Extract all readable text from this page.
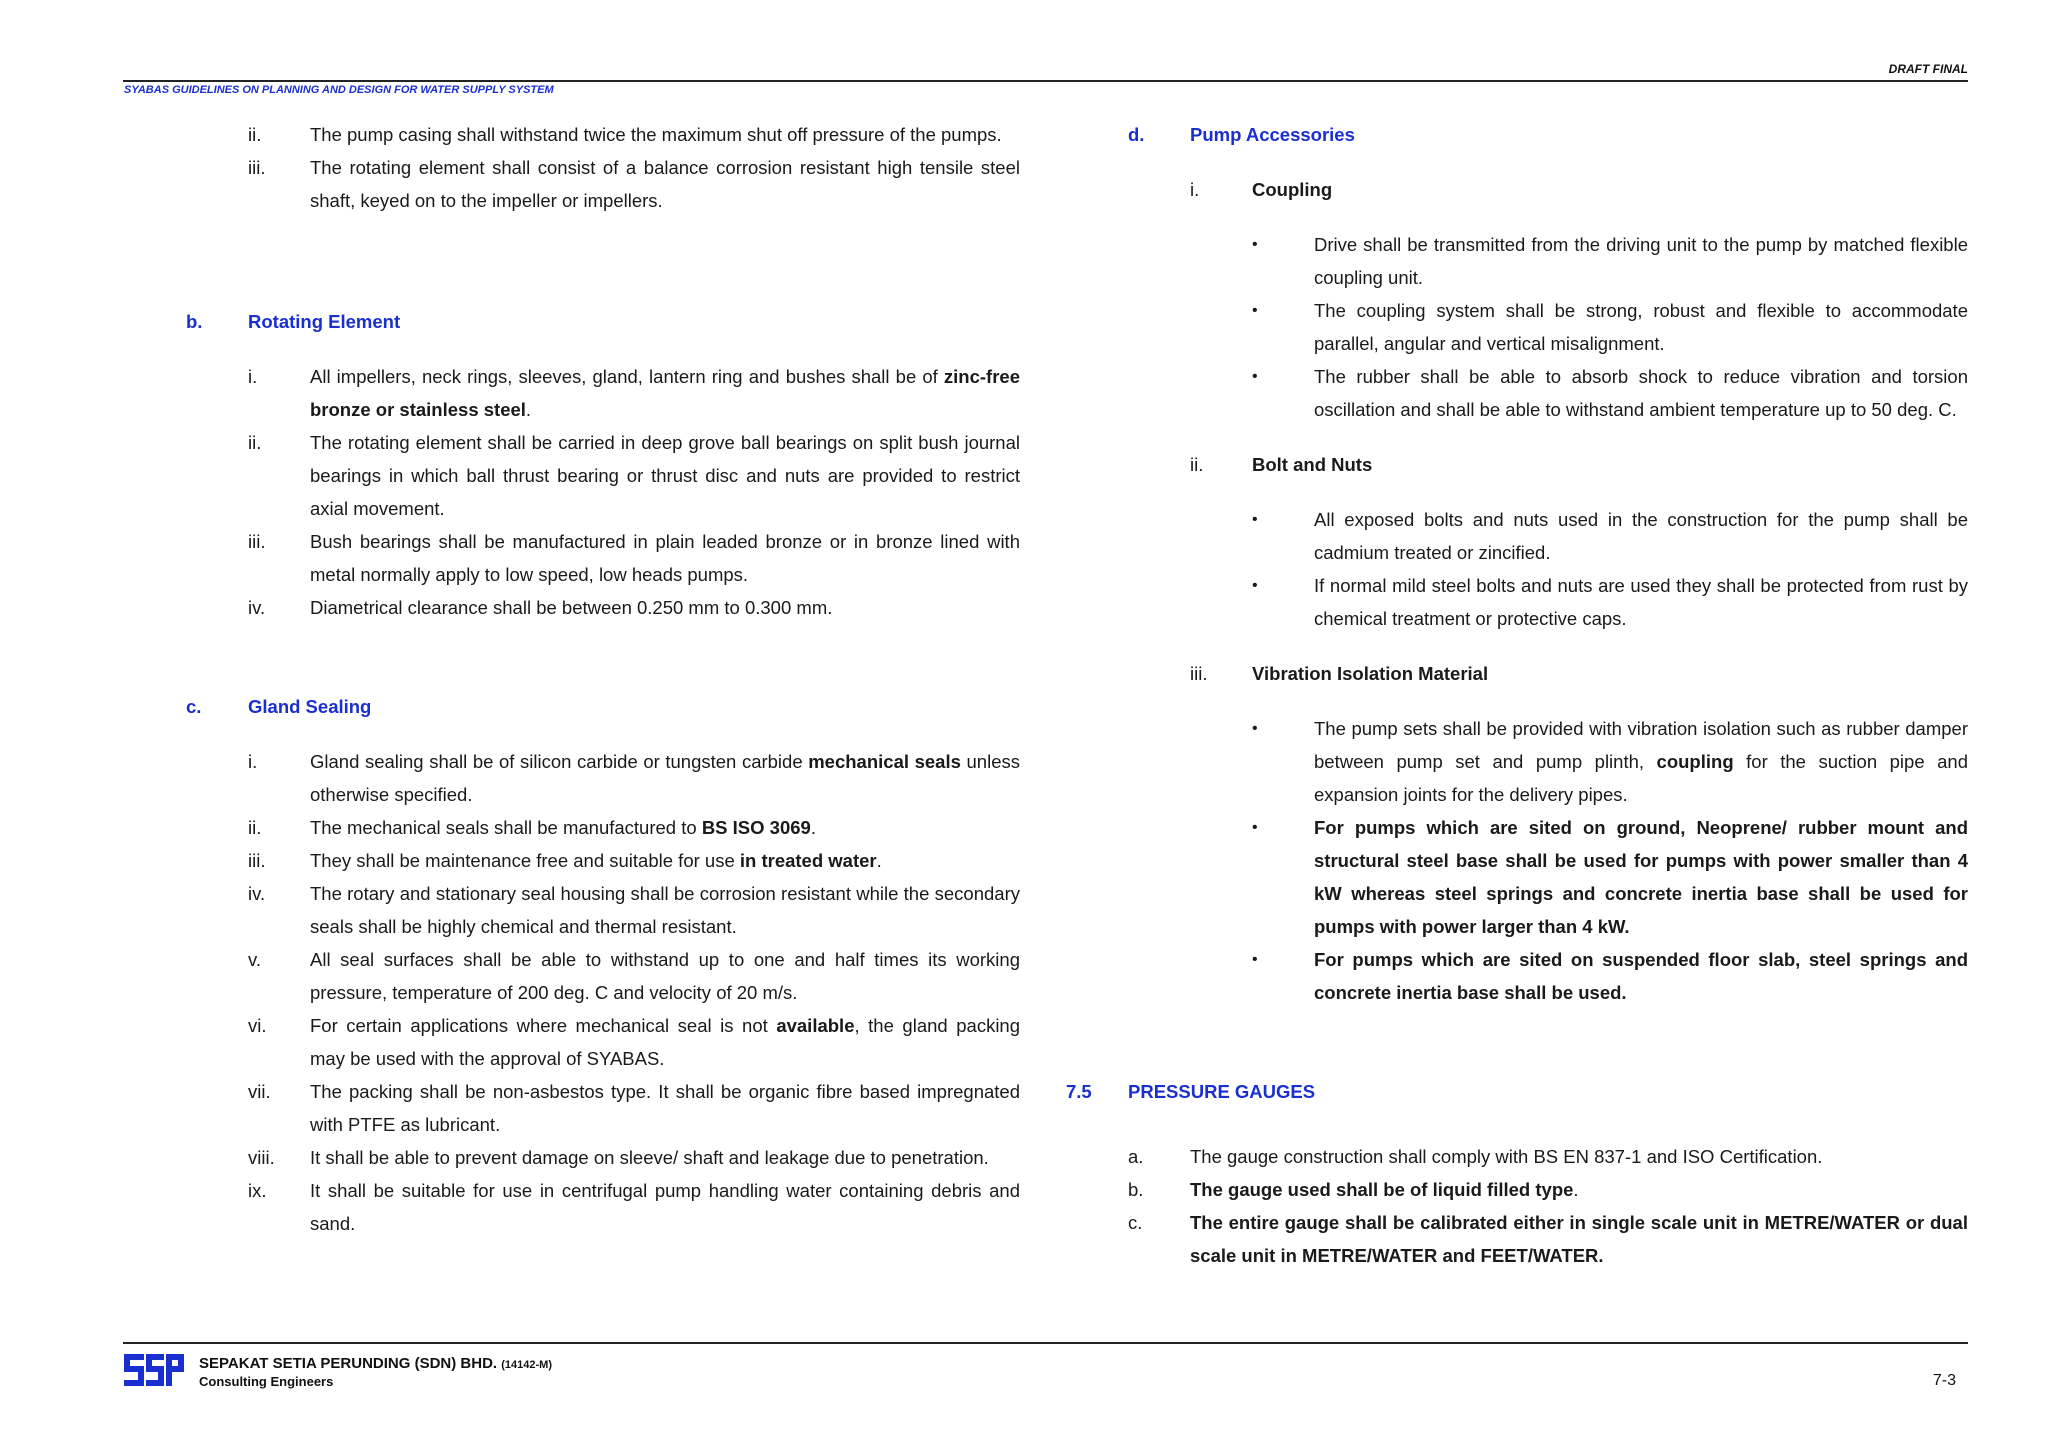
DRAFT FINAL
SYABAS GUIDELINES ON PLANNING AND DESIGN FOR WATER SUPPLY SYSTEM
ii.	The pump casing shall withstand twice the maximum shut off pressure of the pumps.
iii.	The rotating element shall consist of a balance corrosion resistant high tensile steel shaft, keyed on to the impeller or impellers.
b.	Rotating Element
i.	All impellers, neck rings, sleeves, gland, lantern ring and bushes shall be of zinc-free bronze or stainless steel.
ii.	The rotating element shall be carried in deep grove ball bearings on split bush journal bearings in which ball thrust bearing or thrust disc and nuts are provided to restrict axial movement.
iii.	Bush bearings shall be manufactured in plain leaded bronze or in bronze lined with metal normally apply to low speed, low heads pumps.
iv.	Diametrical clearance shall be between 0.250 mm to 0.300 mm.
c.	Gland Sealing
i.	Gland sealing shall be of silicon carbide or tungsten carbide mechanical seals unless otherwise specified.
ii.	The mechanical seals shall be manufactured to BS ISO 3069.
iii.	They shall be maintenance free and suitable for use in treated water.
iv.	The rotary and stationary seal housing shall be corrosion resistant while the secondary seals shall be highly chemical and thermal resistant.
v.	All seal surfaces shall be able to withstand up to one and half times its working pressure, temperature of 200 deg. C and velocity of 20 m/s.
vi.	For certain applications where mechanical seal is not available, the gland packing may be used with the approval of SYABAS.
vii.	The packing shall be non-asbestos type. It shall be organic fibre based impregnated with PTFE as lubricant.
viii.	It shall be able to prevent damage on sleeve/ shaft and leakage due to penetration.
ix.	It shall be suitable for use in centrifugal pump handling water containing debris and sand.
d.	Pump Accessories
i.	Coupling
•	Drive shall be transmitted from the driving unit to the pump by matched flexible coupling unit.
•	The coupling system shall be strong, robust and flexible to accommodate parallel, angular and vertical misalignment.
•	The rubber shall be able to absorb shock to reduce vibration and torsion oscillation and shall be able to withstand ambient temperature up to 50 deg. C.
ii.	Bolt and Nuts
•	All exposed bolts and nuts used in the construction for the pump shall be cadmium treated or zincified.
•	If normal mild steel bolts and nuts are used they shall be protected from rust by chemical treatment or protective caps.
iii.	Vibration Isolation Material
•	The pump sets shall be provided with vibration isolation such as rubber damper between pump set and pump plinth, coupling for the suction pipe and expansion joints for the delivery pipes.
•	For pumps which are sited on ground, Neoprene/ rubber mount and structural steel base shall be used for pumps with power smaller than 4 kW whereas steel springs and concrete inertia base shall be used for pumps with power larger than 4 kW.
•	For pumps which are sited on suspended floor slab, steel springs and concrete inertia base shall be used.
7.5	PRESSURE GAUGES
a.	The gauge construction shall comply with BS EN 837-1 and ISO Certification.
b.	The gauge used shall be of liquid filled type.
c.	The entire gauge shall be calibrated either in single scale unit in METRE/WATER or dual scale unit in METRE/WATER and FEET/WATER.
SEPAKAT SETIA PERUNDING (SDN) BHD. (14142-M)
Consulting Engineers	7-3
